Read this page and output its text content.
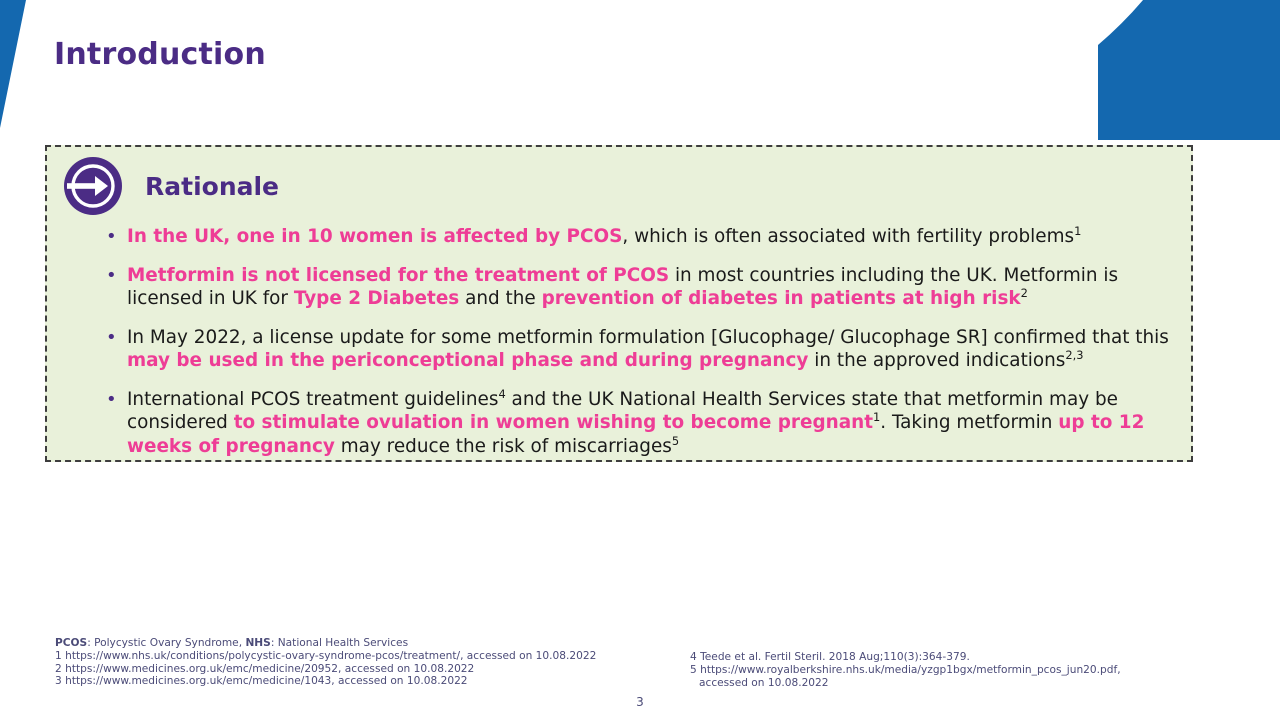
Introduction
Rationale
• In the UK, one in 10 women is affected by PCOS, which is often associated with fertility problems$^1$
• Metformin is not licensed for the treatment of PCOS in most countries including the UK. Metformin is licensed in UK for Type 2 Diabetes and the prevention of diabetes in patients at high risk$^2$
• In May 2022, a license update for some metformin formulation [Glucophage/ Glucophage SR] confirmed that this may be used in the periconceptional phase and during pregnancy in the approved indications$^{2,3}$
• International PCOS treatment guidelines$^4$ and the UK National Health Services state that metformin may be considered to stimulate ovulation in women wishing to become pregnant$^1$. Taking metformin up to 12 weeks of pregnancy may reduce the risk of miscarriages$^5$
PCOS: Polycystic Ovary Syndrome, NHS: National Health Services
1 https://www.nhs.uk/conditions/polycystic-ovary-syndrome-pcos/treatment/, accessed on 10.08.2022
2 https://www.medicines.org.uk/emc/medicine/20952, accessed on 10.08.2022
3 https://www.medicines.org.uk/emc/medicine/1043, accessed on 10.08.2022
4 Teede et al. Fertil Steril. 2018 Aug;110(3):364-379.
5 https://www.royalberkshire.nhs.uk/media/yzgp1bgx/metformin_pcos_jun20.pdf,
accessed on 10.08.2022
3
